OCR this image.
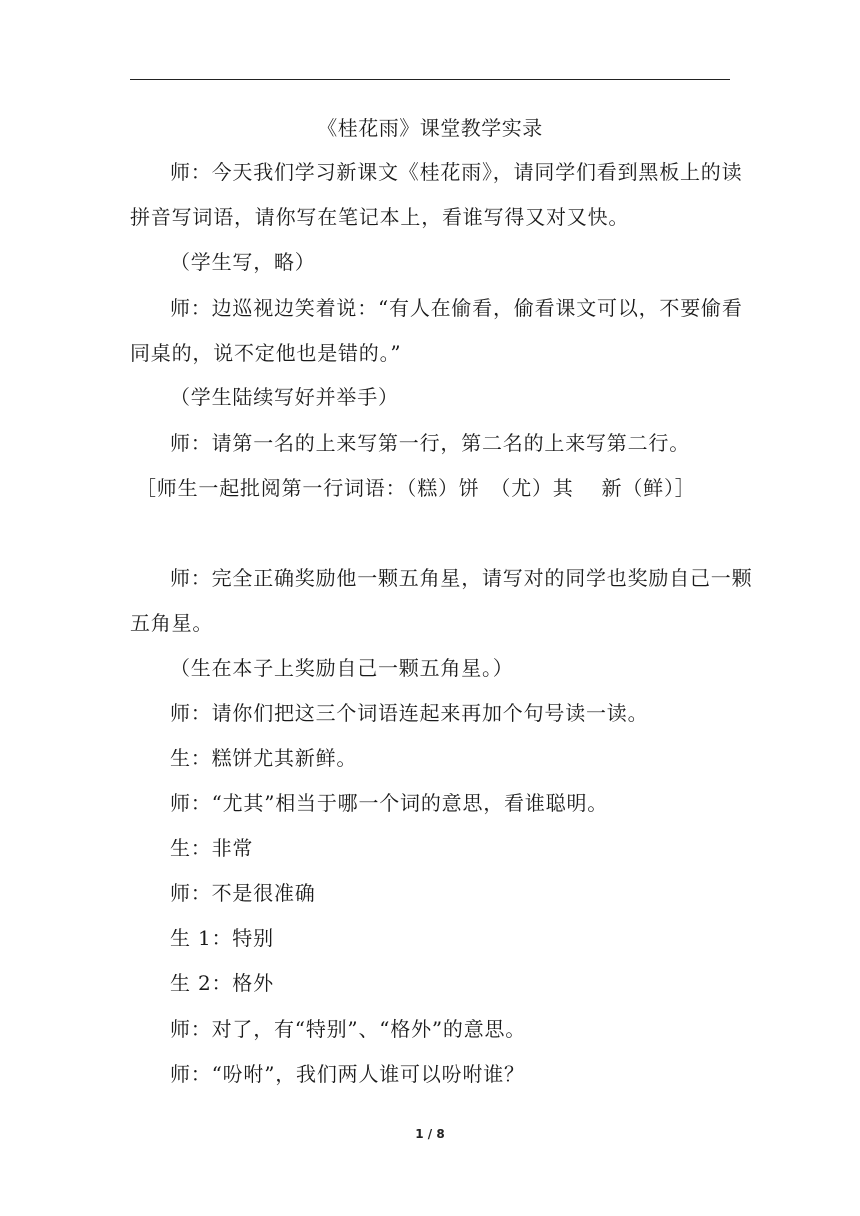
《桂花雨》课堂教学实录
师：今天我们学习新课文《桂花雨》，请同学们看到黑板上的读
拼音写词语，请你写在笔记本上，看谁写得又对又快。
（学生写，略）
师：边巡视边笑着说：“有人在偷看，偷看课文可以，不要偷看
同桌的，说不定他也是错的。”
（学生陆续写好并举手）
师：请第一名的上来写第一行，第二名的上来写第二行。
［师生一起批阅第一行词语：（糕）饼　（尤）其　 新（鲜）］
师：完全正确奖励他一颗五角星，请写对的同学也奖励自己一颗
五角星。
（生在本子上奖励自己一颗五角星。）
师：请你们把这三个词语连起来再加个句号读一读。
生：糕饼尤其新鲜。
师：“尤其”相当于哪一个词的意思，看谁聪明。
生：非常
师：不是很准确
生 1：特别
生 2：格外
师：对了，有“特别”、“格外”的意思。
师：“吩咐”，我们两人谁可以吩咐谁？
1 / 8
